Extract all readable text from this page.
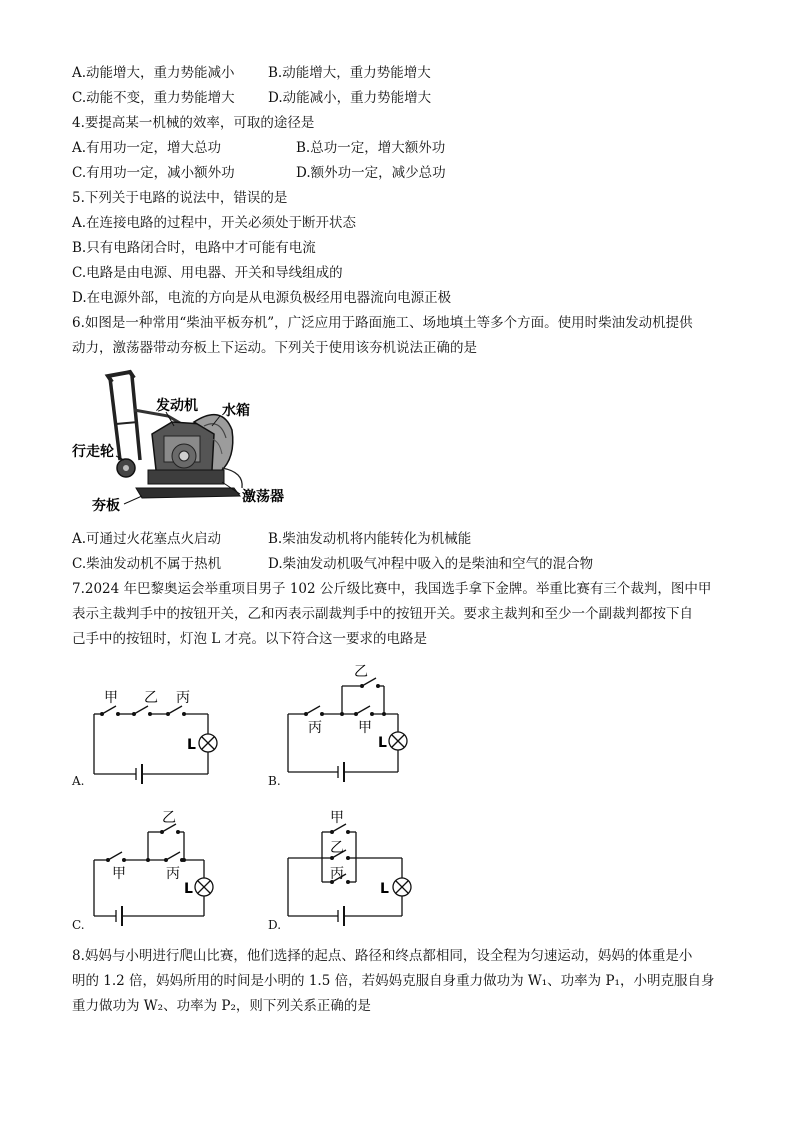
A.动能增大，重力势能减小 B.动能增大，重力势能增大
C.动能不变，重力势能增大 D.动能减小，重力势能增大
4.要提高某一机械的效率，可取的途径是
A.有用功一定，增大总功	B.总功一定，增大额外功
C.有用功一定，减小额外功	D.额外功一定，减少总功
5.下列关于电路的说法中，错误的是
A.在连接电路的过程中，开关必须处于断开状态
B.只有电路闭合时，电路中才可能有电流
C.电路是由电源、用电器、开关和导线组成的
D.在电源外部，电流的方向是从电源负极经用电器流向电源正极
6.如图是一种常用“柴油平板夯机”，广泛应用于路面施工、场地填土等多个方面。使用时柴油发动机提供
动力，激荡器带动夯板上下运动。下列关于使用该夯机说法正确的是
发动机 水箱
行走轮
夯板
激荡器
A.可通过火花塞点火启动	B.柴油发动机将内能转化为机械能
C.柴油发动机不属于热机	D.柴油发动机吸气冲程中吸入的是柴油和空气的混合物
7.2024 年巴黎奥运会举重项目男子 102 公斤级比赛中，我国选手拿下金牌。举重比赛有三个裁判，图中甲
表示主裁判手中的按钮开关，乙和丙表示副裁判手中的按钮开关。要求主裁判和至少一个副裁判都按下自
己手中的按钮时，灯泡 L 才亮。以下符合这一要求的电路是
甲 乙 丙
L
A.
乙
丙	甲
L
B.
乙
甲	丙
L
C.
甲
乙
丙
L
D.
8.妈妈与小明进行爬山比赛，他们选择的起点、路径和终点都相同，设全程为匀速运动，妈妈的体重是小
明的 1.2 倍，妈妈所用的时间是小明的 1.5 倍，若妈妈克服自身重力做功为 W₁、功率为 P₁，小明克服自身
重力做功为 W₂、功率为 P₂，则下列关系正确的是
